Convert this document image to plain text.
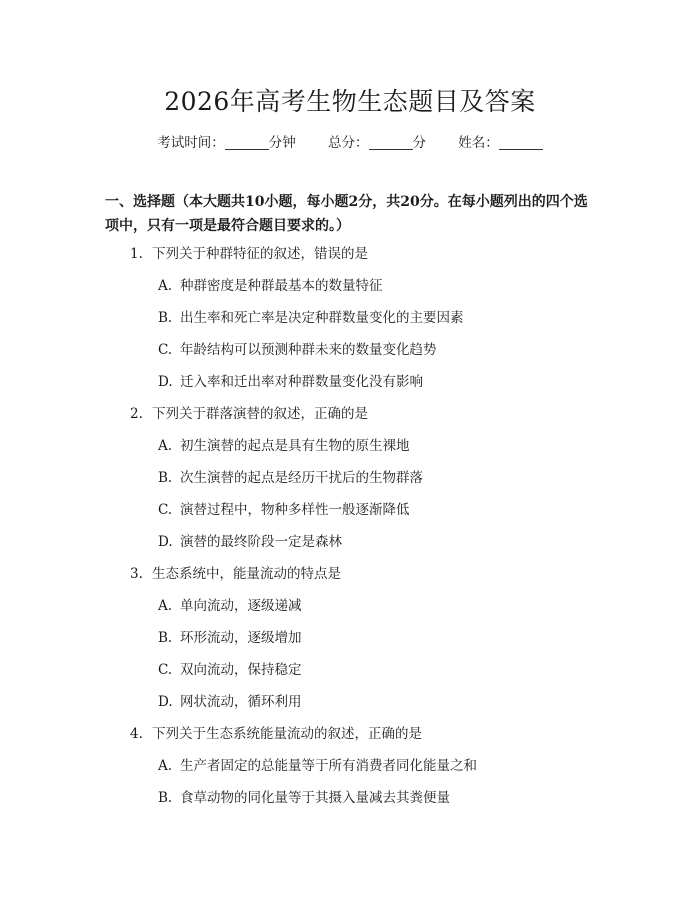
2026年高考生物生态题目及答案
考试时间：	分钟 总分：	分 姓名：
一、选择题（本大题共10小题，每小题2分，共20分。在每小题列出的四个选项中，只有一项是最符合题目要求的。）
1. 下列关于种群特征的叙述，错误的是
A. 种群密度是种群最基本的数量特征
B. 出生率和死亡率是决定种群数量变化的主要因素
C. 年龄结构可以预测种群未来的数量变化趋势
D. 迁入率和迁出率对种群数量变化没有影响
2. 下列关于群落演替的叙述，正确的是
A. 初生演替的起点是具有生物的原生裸地
B. 次生演替的起点是经历干扰后的生物群落
C. 演替过程中，物种多样性一般逐渐降低
D. 演替的最终阶段一定是森林
3. 生态系统中，能量流动的特点是
A. 单向流动，逐级递减
B. 环形流动，逐级增加
C. 双向流动，保持稳定
D. 网状流动，循环利用
4. 下列关于生态系统能量流动的叙述，正确的是
A. 生产者固定的总能量等于所有消费者同化能量之和
B. 食草动物的同化量等于其摄入量减去其粪便量
